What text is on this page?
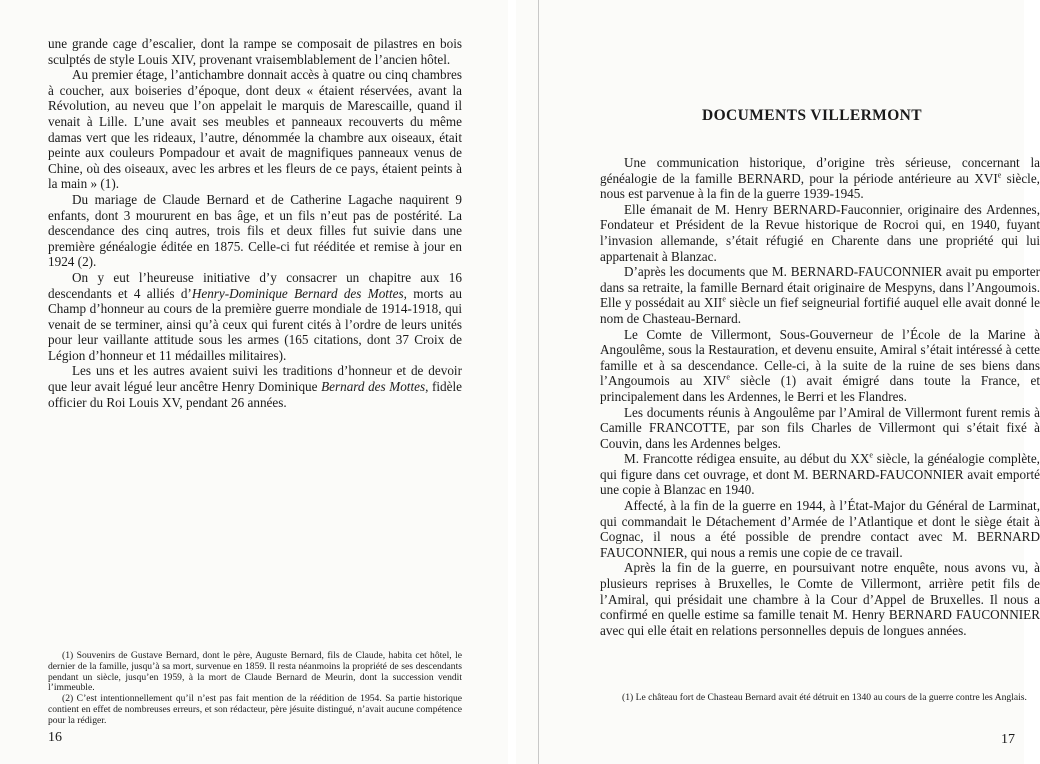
une grande cage d’escalier, dont la rampe se composait de pilastres en bois sculptés de style Louis XIV, provenant vraisemblablement de l’ancien hôtel.

Au premier étage, l’antichambre donnait accès à quatre ou cinq chambres à coucher, aux boiseries d’époque, dont deux « étaient réservées, avant la Révolution, au neveu que l’on appelait le marquis de Marescaille, quand il venait à Lille. L’une avait ses meubles et panneaux recouverts du même damas vert que les rideaux, l’autre, dénommée la chambre aux oiseaux, était peinte aux couleurs Pompadour et avait de magnifiques panneaux venus de Chine, où des oiseaux, avec les arbres et les fleurs de ce pays, étaient peints à la main » (1).

Du mariage de Claude Bernard et de Catherine Lagache naquirent 9 enfants, dont 3 moururent en bas âge, et un fils n’eut pas de postérité. La descendance des cinq autres, trois fils et deux filles fut suivie dans une première généalogie éditée en 1875. Celle-ci fut rééditée et remise à jour en 1924 (2).

On y eut l’heureuse initiative d’y consacrer un chapitre aux 16 descendants et 4 alliés d’Henry-Dominique Bernard des Mottes, morts au Champ d’honneur au cours de la première guerre mondiale de 1914-1918, qui venait de se terminer, ainsi qu’à ceux qui furent cités à l’ordre de leurs unités pour leur vaillante attitude sous les armes (165 citations, dont 37 Croix de Légion d’honneur et 11 médailles militaires).

Les uns et les autres avaient suivi les traditions d’honneur et de devoir que leur avait légué leur ancêtre Henry Dominique Bernard des Mottes, fidèle officier du Roi Louis XV, pendant 26 années.

(1) Souvenirs de Gustave Bernard, dont le père, Auguste Bernard, fils de Claude, habita cet hôtel, le dernier de la famille, jusqu’à sa mort, survenue en 1859. Il resta néanmoins la propriété de ses descendants pendant un siècle, jusqu’en 1959, à la mort de Claude Bernard de Meurin, dont la succession vendit l’immeuble.

(2) C’est intentionnellement qu’il n’est pas fait mention de la réédition de 1954. Sa partie historique contient en effet de nombreuses erreurs, et son rédacteur, père jésuite distingué, n’avait aucune compétence pour la rédiger.

16
DOCUMENTS VILLERMONT

Une communication historique, d’origine très sérieuse, concernant la généalogie de la famille BERNARD, pour la période antérieure au XVIe siècle, nous est parvenue à la fin de la guerre 1939-1945.

Elle émanait de M. Henry BERNARD-Fauconnier, originaire des Ardennes, Fondateur et Président de la Revue historique de Rocroi qui, en 1940, fuyant l’invasion allemande, s’était réfugié en Charente dans une propriété qui lui appartenait à Blanzac.

D’après les documents que M. BERNARD-FAUCONNIER avait pu emporter dans sa retraite, la famille Bernard était originaire de Mespyns, dans l’Angoumois. Elle y possédait au XIIe siècle un fief seigneurial fortifié auquel elle avait donné le nom de Chasteau-Bernard.

Le Comte de Villermont, Sous-Gouverneur de l’École de la Marine à Angoulême, sous la Restauration, et devenu ensuite, Amiral s’était intéressé à cette famille et à sa descendance. Celle-ci, à la suite de la ruine de ses biens dans l’Angoumois au XIVe siècle (1) avait émigré dans toute la France, et principalement dans les Ardennes, le Berri et les Flandres.

Les documents réunis à Angoulême par l’Amiral de Villermont furent remis à Camille FRANCOTTE, par son fils Charles de Villermont qui s’était fixé à Couvin, dans les Ardennes belges.

M. Francotte rédigea ensuite, au début du XXe siècle, la généalogie complète, qui figure dans cet ouvrage, et dont M. BERNARD-FAUCONNIER avait emporté une copie à Blanzac en 1940.

Affecté, à la fin de la guerre en 1944, à l’État-Major du Général de Larminat, qui commandait le Détachement d’Armée de l’Atlantique et dont le siège était à Cognac, il nous a été possible de prendre contact avec M. BERNARD FAUCONNIER, qui nous a remis une copie de ce travail.

Après la fin de la guerre, en poursuivant notre enquête, nous avons vu, à plusieurs reprises à Bruxelles, le Comte de Villermont, arrière petit fils de l’Amiral, qui présidait une chambre à la Cour d’Appel de Bruxelles. Il nous a confirmé en quelle estime sa famille tenait M. Henry BERNARD FAUCONNIER avec qui elle était en relations personnelles depuis de longues années.

(1) Le château fort de Chasteau Bernard avait été détruit en 1340 au cours de la guerre contre les Anglais.

17
